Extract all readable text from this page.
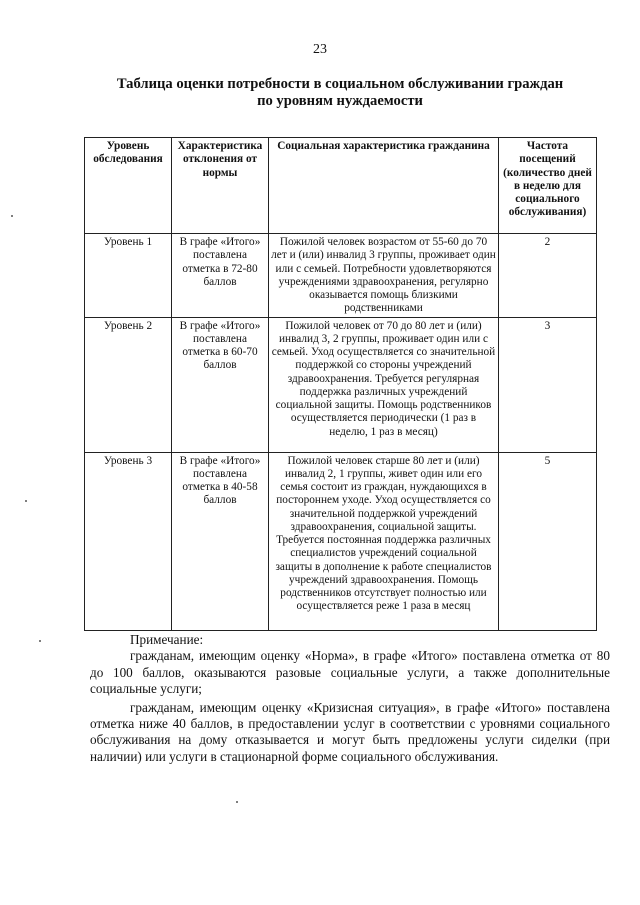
23
Таблица оценки потребности в социальном обслуживании граждан
по уровням нуждаемости
Уровень обследования	Характеристика отклонения от нормы	Социальная характеристика гражданина	Частота посещений (количество дней в неделю для социального обслуживания)
Уровень 1	В графе «Итого» поставлена отметка в 72-80 баллов	Пожилой человек возрастом от 55-60 до 70 лет и (или) инвалид 3 группы, проживает один или с семьей. Потребности удовлетворяются учреждениями здравоохранения, регулярно оказывается помощь близкими родственниками	2
Уровень 2	В графе «Итого» поставлена отметка в 60-70 баллов	Пожилой человек от 70 до 80 лет и (или) инвалид 3, 2 группы, проживает один или с семьей. Уход осуществляется со значительной поддержкой со стороны учреждений здравоохранения. Требуется регулярная поддержка различных учреждений социальной защиты. Помощь родственников осуществляется периодически (1 раз в неделю, 1 раз в месяц)	3
Уровень 3	В графе «Итого» поставлена отметка в 40-58 баллов	Пожилой человек старше 80 лет и (или) инвалид 2, 1 группы, живет один или его семья состоит из граждан, нуждающихся в постороннем уходе. Уход осуществляется со значительной поддержкой учреждений здравоохранения, социальной защиты. Требуется постоянная поддержка различных специалистов учреждений социальной защиты в дополнение к работе специалистов учреждений здравоохранения. Помощь родственников отсутствует полностью или осуществляется реже 1 раза в месяц	5
Примечание:

гражданам, имеющим оценку «Норма», в графе «Итого» поставлена отметка от 80 до 100 баллов, оказываются разовые социальные услуги, а также дополнительные социальные услуги;

гражданам, имеющим оценку «Кризисная ситуация», в графе «Итого» поставлена отметка ниже 40 баллов, в предоставлении услуг в соответствии с уровнями социального обслуживания на дому отказывается и могут быть предложены услуги сиделки (при наличии) или услуги в стационарной форме социального обслуживания.
